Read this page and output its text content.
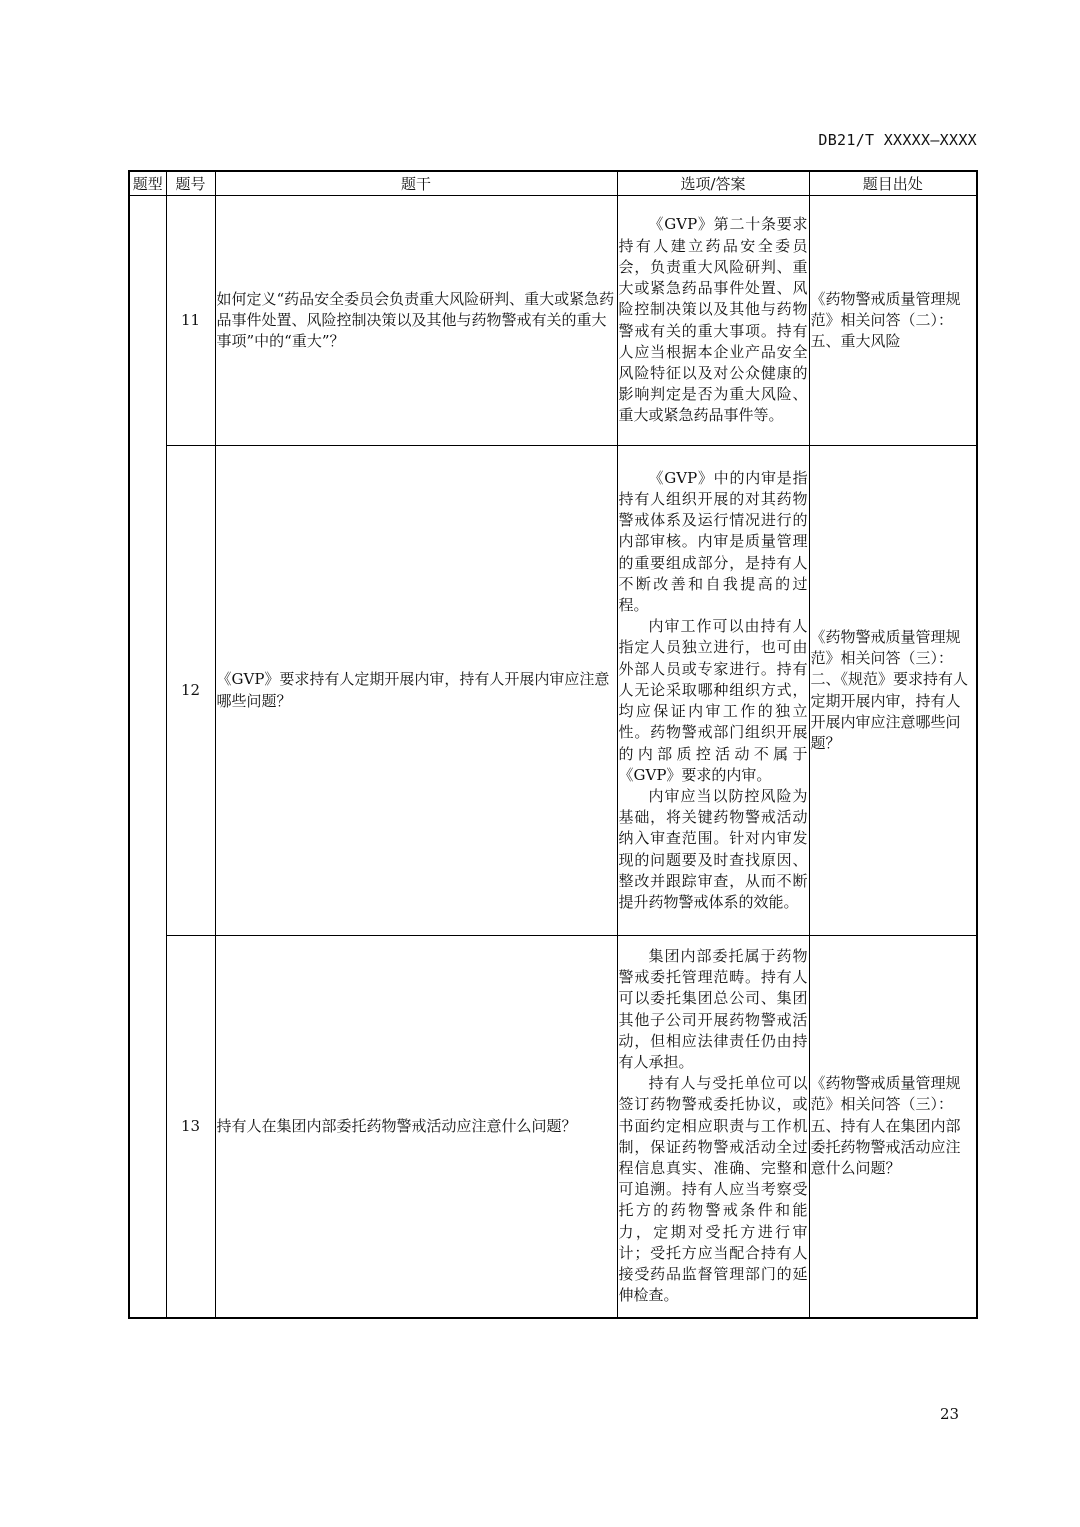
DB21/T XXXXX—XXXX
题型	题号	题干	选项/答案	题目出处
	11	如何定义“药品安全委员会负责重大风险研判、重大或紧急药品事件处置、风险控制决策以及其他与药物警戒有关的重大事项”中的“重大”？	《GVP》第二十条要求持有人建立药品安全委员会，负责重大风险研判、重大或紧急药品事件处置、风险控制决策以及其他与药物警戒有关的重大事项。持有人应当根据本企业产品安全风险特征以及对公众健康的影响判定是否为重大风险、重大或紧急药品事件等。	《药物警戒质量管理规范》相关问答（二）：五、重大风险
	12	《GVP》要求持有人定期开展内审，持有人开展内审应注意哪些问题？	《GVP》中的内审是指持有人组织开展的对其药物警戒体系及运行情况进行的内部审核。内审是质量管理的重要组成部分，是持有人不断改善和自我提高的过程。

内审工作可以由持有人指定人员独立进行，也可由外部人员或专家进行。持有人无论采取哪种组织方式，均应保证内审工作的独立性。药物警戒部门组织开展的内部质控活动不属于《GVP》要求的内审。

内审应当以防控风险为基础，将关键药物警戒活动纳入审查范围。针对内审发现的问题要及时查找原因、整改并跟踪审查，从而不断提升药物警戒体系的效能。	《药物警戒质量管理规范》相关问答（三）：二、《规范》要求持有人定期开展内审，持有人开展内审应注意哪些问题？
	13	持有人在集团内部委托药物警戒活动应注意什么问题？	集团内部委托属于药物警戒委托管理范畴。持有人可以委托集团总公司、集团其他子公司开展药物警戒活动，但相应法律责任仍由持有人承担。

持有人与受托单位可以签订药物警戒委托协议，或书面约定相应职责与工作机制，保证药物警戒活动全过程信息真实、准确、完整和可追溯。持有人应当考察受托方的药物警戒条件和能力，定期对受托方进行审计；受托方应当配合持有人接受药品监督管理部门的延伸检查。	《药物警戒质量管理规范》相关问答（三）：五、持有人在集团内部委托药物警戒活动应注意什么问题？
23
